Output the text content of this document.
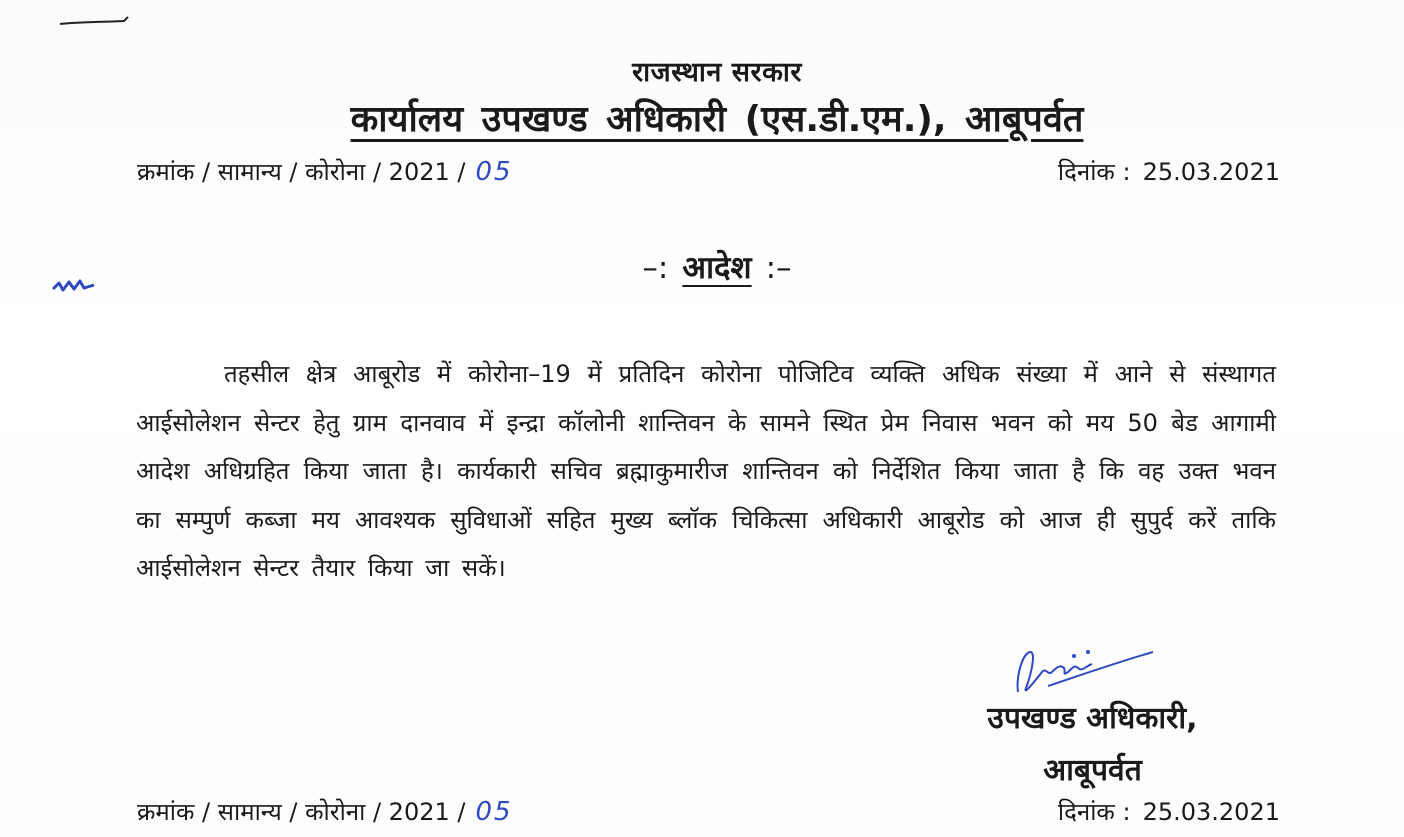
राजस्थान सरकार
कार्यालय उपखण्ड अधिकारी (एस.डी.एम.), आबूपर्वत
क्रमांक / सामान्य / कोरोना / 2021 / 05	दिनांक : 25.03.2021
–: आदेश :–
तहसील क्षेत्र आबूरोड में कोरोना–19 में प्रतिदिन कोरोना पोजिटिव व्यक्ति अधिक संख्या में आने से संस्थागत आईसोलेशन सेन्टर हेतु ग्राम दानवाव में इन्द्रा कॉलोनी शान्तिवन के सामने स्थित प्रेम निवास भवन को मय 50 बेड आगामी आदेश अधिग्रहित किया जाता है। कार्यकारी सचिव ब्रह्माकुमारीज शान्तिवन को निर्देशित किया जाता है कि वह उक्त भवन का सम्पुर्ण कब्जा मय आवश्यक सुविधाओं सहित मुख्य ब्लॉक चिकित्सा अधिकारी आबूरोड को आज ही सुपुर्द करें ताकि आईसोलेशन सेन्टर तैयार किया जा सकें।
उपखण्ड अधिकारी,
आबूपर्वत
क्रमांक / सामान्य / कोरोना / 2021 / 05	दिनांक : 25.03.2021
